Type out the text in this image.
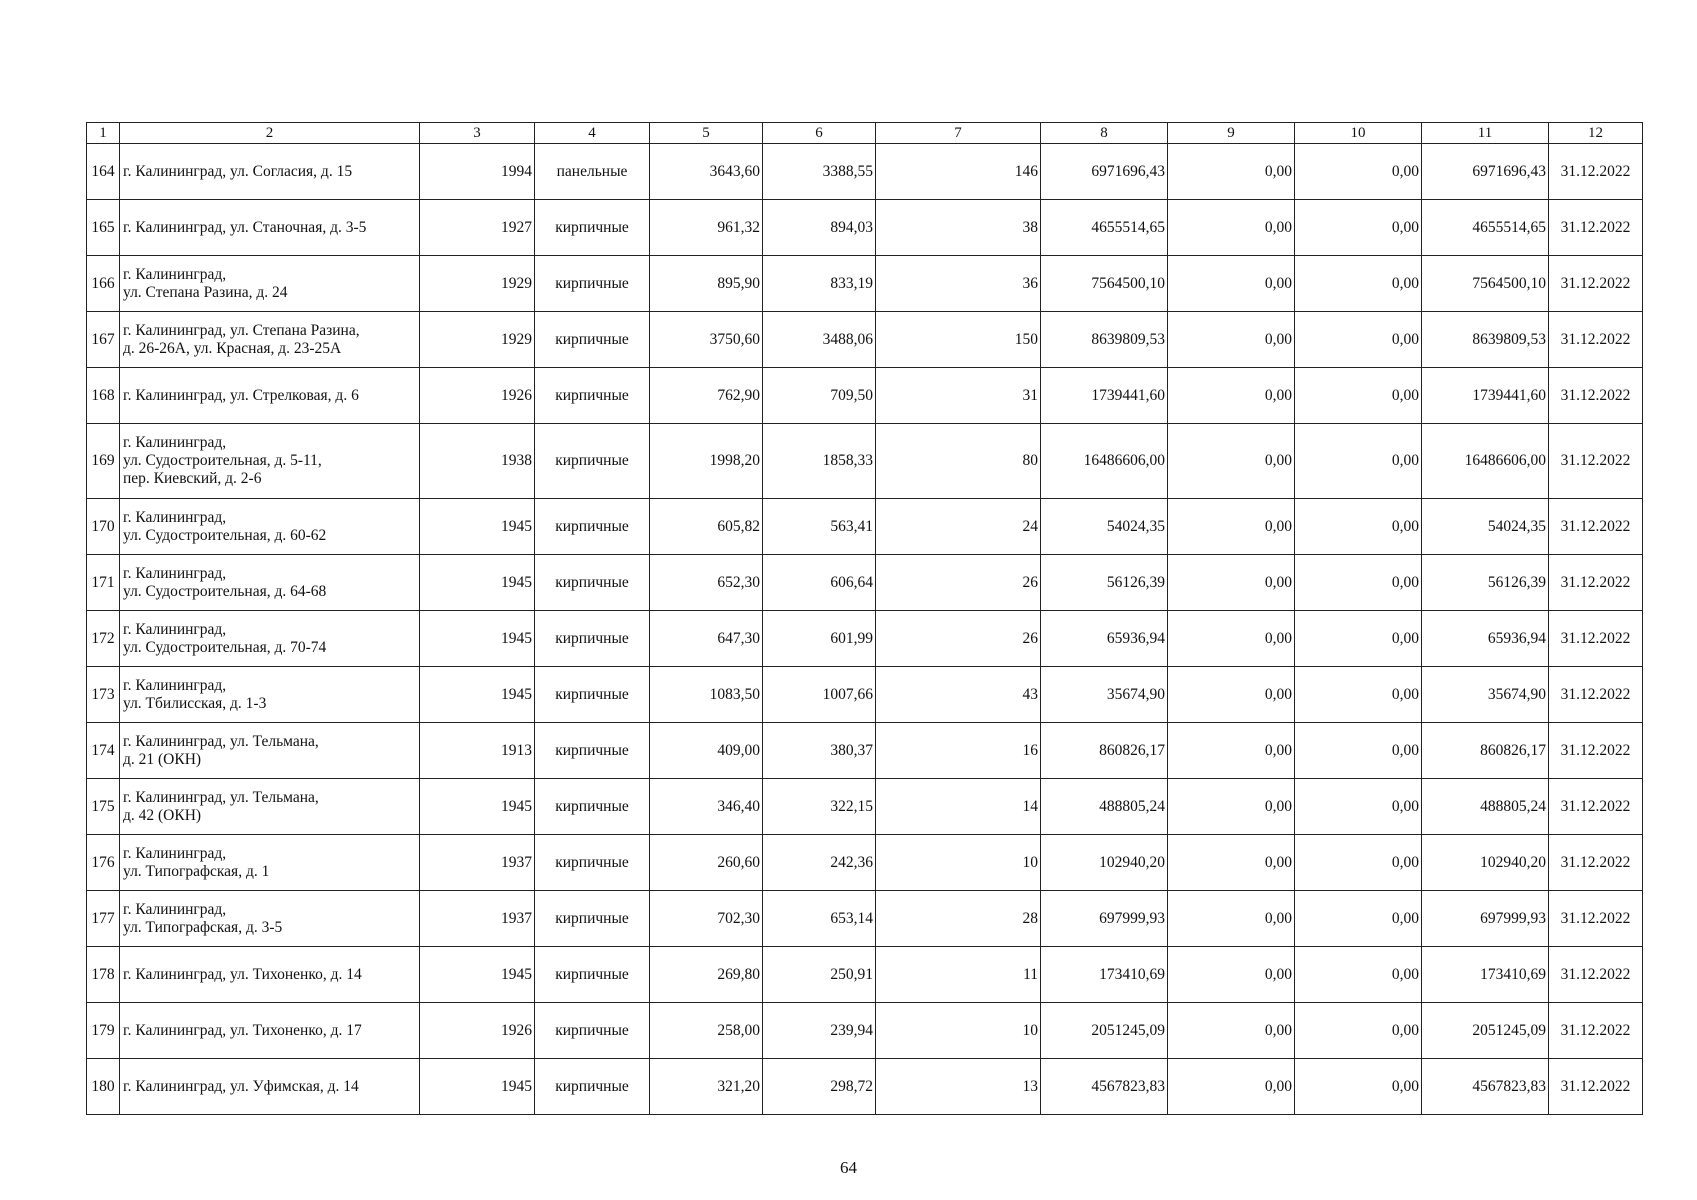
1	2	3	4	5	6	7	8	9	10	11	12
164	г. Калининград, ул. Согласия, д. 15	1994	панельные	3643,60	3388,55	146	6971696,43	0,00	0,00	6971696,43	31.12.2022
165	г. Калининград, ул. Станочная, д. 3-5	1927	кирпичные	961,32	894,03	38	4655514,65	0,00	0,00	4655514,65	31.12.2022
166	г. Калининград,
ул. Степана Разина, д. 24	1929	кирпичные	895,90	833,19	36	7564500,10	0,00	0,00	7564500,10	31.12.2022
167	г. Калининград, ул. Степана Разина,
д. 26-26А, ул. Красная, д. 23-25А	1929	кирпичные	3750,60	3488,06	150	8639809,53	0,00	0,00	8639809,53	31.12.2022
168	г. Калининград, ул. Стрелковая, д. 6	1926	кирпичные	762,90	709,50	31	1739441,60	0,00	0,00	1739441,60	31.12.2022
169	г. Калининград,
ул. Судостроительная, д. 5-11,
пер. Киевский, д. 2-6	1938	кирпичные	1998,20	1858,33	80	16486606,00	0,00	0,00	16486606,00	31.12.2022
170	г. Калининград,
ул. Судостроительная, д. 60-62	1945	кирпичные	605,82	563,41	24	54024,35	0,00	0,00	54024,35	31.12.2022
171	г. Калининград,
ул. Судостроительная, д. 64-68	1945	кирпичные	652,30	606,64	26	56126,39	0,00	0,00	56126,39	31.12.2022
172	г. Калининград,
ул. Судостроительная, д. 70-74	1945	кирпичные	647,30	601,99	26	65936,94	0,00	0,00	65936,94	31.12.2022
173	г. Калининград,
ул. Тбилисская, д. 1-3	1945	кирпичные	1083,50	1007,66	43	35674,90	0,00	0,00	35674,90	31.12.2022
174	г. Калининград, ул. Тельмана,
д. 21 (ОКН)	1913	кирпичные	409,00	380,37	16	860826,17	0,00	0,00	860826,17	31.12.2022
175	г. Калининград, ул. Тельмана,
д. 42 (ОКН)	1945	кирпичные	346,40	322,15	14	488805,24	0,00	0,00	488805,24	31.12.2022
176	г. Калининград,
ул. Типографская, д. 1	1937	кирпичные	260,60	242,36	10	102940,20	0,00	0,00	102940,20	31.12.2022
177	г. Калининград,
ул. Типографская, д. 3-5	1937	кирпичные	702,30	653,14	28	697999,93	0,00	0,00	697999,93	31.12.2022
178	г. Калининград, ул. Тихоненко, д. 14	1945	кирпичные	269,80	250,91	11	173410,69	0,00	0,00	173410,69	31.12.2022
179	г. Калининград, ул. Тихоненко, д. 17	1926	кирпичные	258,00	239,94	10	2051245,09	0,00	0,00	2051245,09	31.12.2022
180	г. Калининград, ул. Уфимская, д. 14	1945	кирпичные	321,20	298,72	13	4567823,83	0,00	0,00	4567823,83	31.12.2022
64
